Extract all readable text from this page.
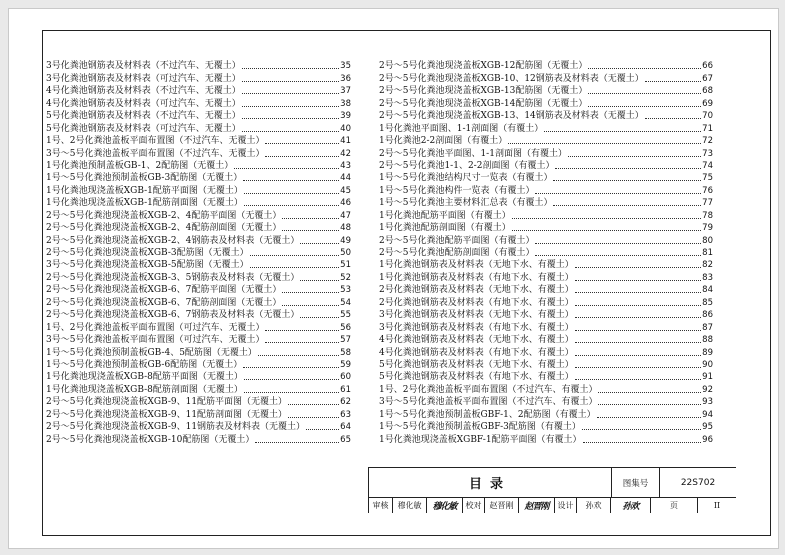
3号化粪池钢筋表及材料表（不过汽车、无覆土）	35
3号化粪池钢筋表及材料表（可过汽车、无覆土）	36
4号化粪池钢筋表及材料表（不过汽车、无覆土）	37
4号化粪池钢筋表及材料表（可过汽车、无覆土）	38
5号化粪池钢筋表及材料表（不过汽车、无覆土）	39
5号化粪池钢筋表及材料表（可过汽车、无覆土）	40
1号、2号化粪池盖板平面布置图（不过汽车、无覆土）	41
3号～5号化粪池盖板平面布置图（不过汽车、无覆土）	42
1号化粪池预制盖板GB-1、2配筋图（无覆土）	43
1号～5号化粪池预制盖板GB-3配筋图（无覆土）	44
1号化粪池现浇盖板XGB-1配筋平面图（无覆土）	45
1号化粪池现浇盖板XGB-1配筋剖面图（无覆土）	46
2号～5号化粪池现浇盖板XGB-2、4配筋平面图（无覆土）	47
2号～5号化粪池现浇盖板XGB-2、4配筋剖面图（无覆土）	48
2号～5号化粪池现浇盖板XGB-2、4钢筋表及材料表（无覆土）	49
2号～5号化粪池现浇盖板XGB-3配筋图（无覆土）	50
3号～5号化粪池现浇盖板XGB-5配筋图（无覆土）	51
2号～5号化粪池现浇盖板XGB-3、5钢筋表及材料表（无覆土）	52
2号～5号化粪池现浇盖板XGB-6、7配筋平面图（无覆土）	53
2号～5号化粪池现浇盖板XGB-6、7配筋剖面图（无覆土）	54
2号～5号化粪池现浇盖板XGB-6、7钢筋表及材料表（无覆土）	55
1号、2号化粪池盖板平面布置图（可过汽车、无覆土）	56
3号～5号化粪池盖板平面布置图（可过汽车、无覆土）	57
1号～5号化粪池预制盖板GB-4、5配筋图（无覆土）	58
1号～5号化粪池预制盖板GB-6配筋图（无覆土）	59
1号化粪池现浇盖板XGB-8配筋平面图（无覆土）	60
1号化粪池现浇盖板XGB-8配筋剖面图（无覆土）	61
2号～5号化粪池现浇盖板XGB-9、11配筋平面图（无覆土）	62
2号～5号化粪池现浇盖板XGB-9、11配筋剖面图（无覆土）	63
2号～5号化粪池现浇盖板XGB-9、11钢筋表及材料表（无覆土）	64
2号～5号化粪池现浇盖板XGB-10配筋图（无覆土）	65
2号～5号化粪池现浇盖板XGB-12配筋图（无覆土）	66
2号～5号化粪池现浇盖板XGB-10、12钢筋表及材料表（无覆土）	67
2号～5号化粪池现浇盖板XGB-13配筋图（无覆土）	68
2号～5号化粪池现浇盖板XGB-14配筋图（无覆土）	69
2号～5号化粪池现浇盖板XGB-13、14钢筋表及材料表（无覆土）	70
1号化粪池平面图、1-1剖面图（有覆土）	71
1号化粪池2-2剖面图（有覆土）	72
2号～5号化粪池平面图、1-1剖面图（有覆土）	73
2号～5号化粪池1-1、2-2剖面图（有覆土）	74
1号～5号化粪池结构尺寸一览表（有覆土）	75
1号～5号化粪池构件一览表（有覆土）	76
1号～5号化粪池主要材料汇总表（有覆土）	77
1号化粪池配筋平面图（有覆土）	78
1号化粪池配筋剖面图（有覆土）	79
2号～5号化粪池配筋平面图（有覆土）	80
2号～5号化粪池配筋剖面图（有覆土）	81
1号化粪池钢筋表及材料表（无地下水、有覆土）	82
1号化粪池钢筋表及材料表（有地下水、有覆土）	83
2号化粪池钢筋表及材料表（无地下水、有覆土）	84
2号化粪池钢筋表及材料表（有地下水、有覆土）	85
3号化粪池钢筋表及材料表（无地下水、有覆土）	86
3号化粪池钢筋表及材料表（有地下水、有覆土）	87
4号化粪池钢筋表及材料表（无地下水、有覆土）	88
4号化粪池钢筋表及材料表（有地下水、有覆土）	89
5号化粪池钢筋表及材料表（无地下水、有覆土）	90
5号化粪池钢筋表及材料表（有地下水、有覆土）	91
1号、2号化粪池盖板平面布置图（不过汽车、有覆土）	92
3号～5号化粪池盖板平面布置图（不过汽车、有覆土）	93
1号～5号化粪池预制盖板GBF-1、2配筋图（有覆土）	94
1号～5号化粪池预制盖板GBF-3配筋图（有覆土）	95
1号化粪池现浇盖板XGBF-1配筋平面图（有覆土）	96
目录	图集号	22S702
审核	穆化敏	穆化敏	校对	赵晋刚	赵晋刚	设计	孙欢	孙欢	页	II
